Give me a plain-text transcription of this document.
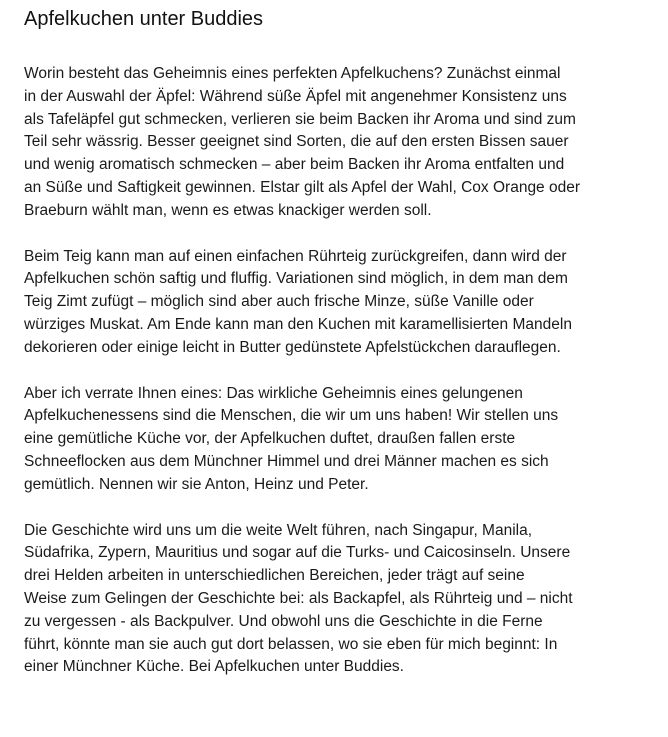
Apfelkuchen unter Buddies

Worin besteht das Geheimnis eines perfekten Apfelkuchens? Zunächst einmal
in der Auswahl der Äpfel: Während süße Äpfel mit angenehmer Konsistenz uns
als Tafeläpfel gut schmecken, verlieren sie beim Backen ihr Aroma und sind zum
Teil sehr wässrig. Besser geeignet sind Sorten, die auf den ersten Bissen sauer
und wenig aromatisch schmecken – aber beim Backen ihr Aroma entfalten und
an Süße und Saftigkeit gewinnen. Elstar gilt als Apfel der Wahl, Cox Orange oder
Braeburn wählt man, wenn es etwas knackiger werden soll.

Beim Teig kann man auf einen einfachen Rührteig zurückgreifen, dann wird der
Apfelkuchen schön saftig und fluffig. Variationen sind möglich, in dem man dem
Teig Zimt zufügt – möglich sind aber auch frische Minze, süße Vanille oder
würziges Muskat. Am Ende kann man den Kuchen mit karamellisierten Mandeln
dekorieren oder einige leicht in Butter gedünstete Apfelstückchen darauflegen.

Aber ich verrate Ihnen eines: Das wirkliche Geheimnis eines gelungenen
Apfelkuchenessens sind die Menschen, die wir um uns haben! Wir stellen uns
eine gemütliche Küche vor, der Apfelkuchen duftet, draußen fallen erste
Schneeflocken aus dem Münchner Himmel und drei Männer machen es sich
gemütlich. Nennen wir sie Anton, Heinz und Peter.

Die Geschichte wird uns um die weite Welt führen, nach Singapur, Manila,
Südafrika, Zypern, Mauritius und sogar auf die Turks- und Caicosinseln. Unsere
drei Helden arbeiten in unterschiedlichen Bereichen, jeder trägt auf seine
Weise zum Gelingen der Geschichte bei: als Backapfel, als Rührteig und – nicht
zu vergessen - als Backpulver. Und obwohl uns die Geschichte in die Ferne
führt, könnte man sie auch gut dort belassen, wo sie eben für mich beginnt: In
einer Münchner Küche. Bei Apfelkuchen unter Buddies.
